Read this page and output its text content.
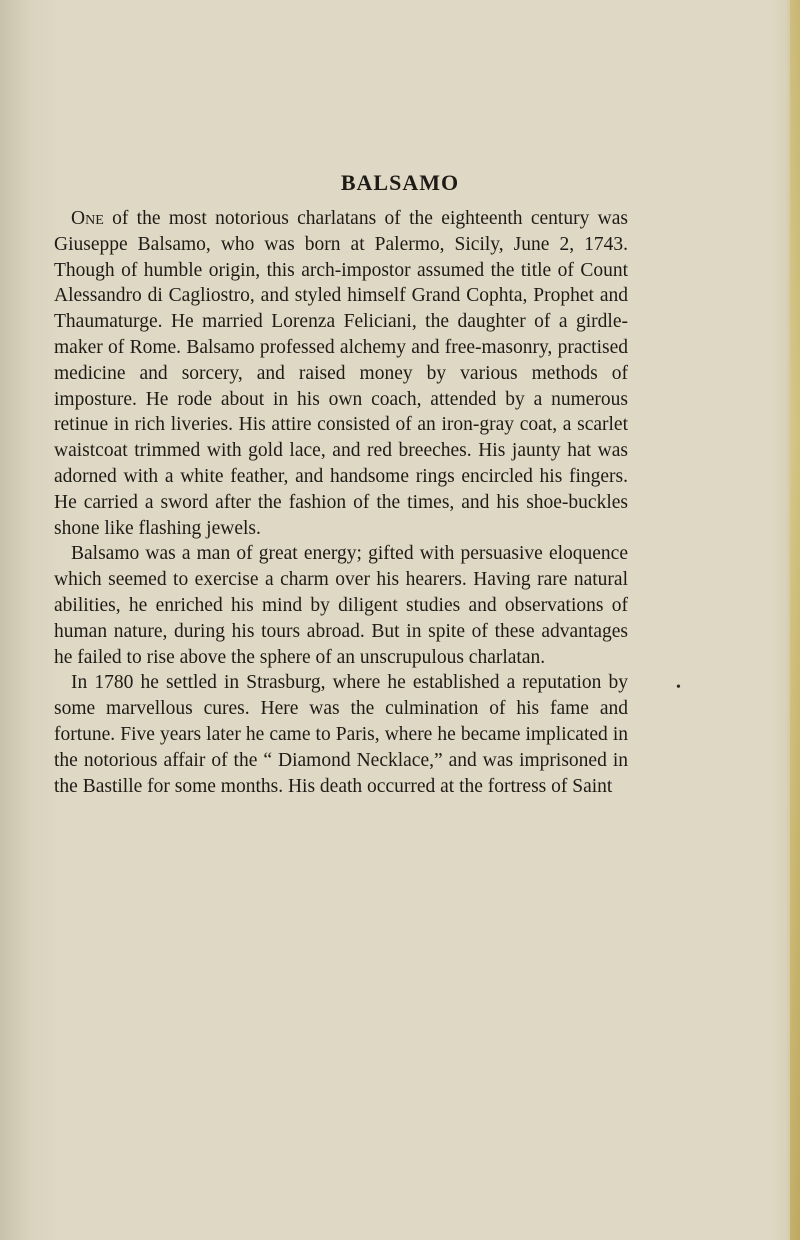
BALSAMO

One of the most notorious charlatans of the eighteenth century was Giuseppe Balsamo, who was born at Palermo, Sicily, June 2, 1743. Though of humble origin, this arch-impostor assumed the title of Count Alessandro di Cagliostro, and styled himself Grand Cophta, Prophet and Thaumaturge. He married Lorenza Feliciani, the daughter of a girdle-maker of Rome. Balsamo professed alchemy and free-masonry, practised medicine and sorcery, and raised money by various methods of imposture. He rode about in his own coach, attended by a numerous retinue in rich liveries. His attire consisted of an iron-gray coat, a scarlet waistcoat trimmed with gold lace, and red breeches. His jaunty hat was adorned with a white feather, and handsome rings encircled his fingers. He carried a sword after the fashion of the times, and his shoe-buckles shone like flashing jewels.

Balsamo was a man of great energy; gifted with persuasive eloquence which seemed to exercise a charm over his hearers. Having rare natural abilities, he enriched his mind by diligent studies and observations of human nature, during his tours abroad. But in spite of these advantages he failed to rise above the sphere of an unscrupulous charlatan.

In 1780 he settled in Strasburg, where he established a reputation by some marvellous cures. Here was the culmination of his fame and fortune. Five years later he came to Paris, where he became implicated in the notorious affair of the “ Diamond Necklace,” and was imprisoned in the Bastille for some months. His death occurred at the fortress of Saint

•
